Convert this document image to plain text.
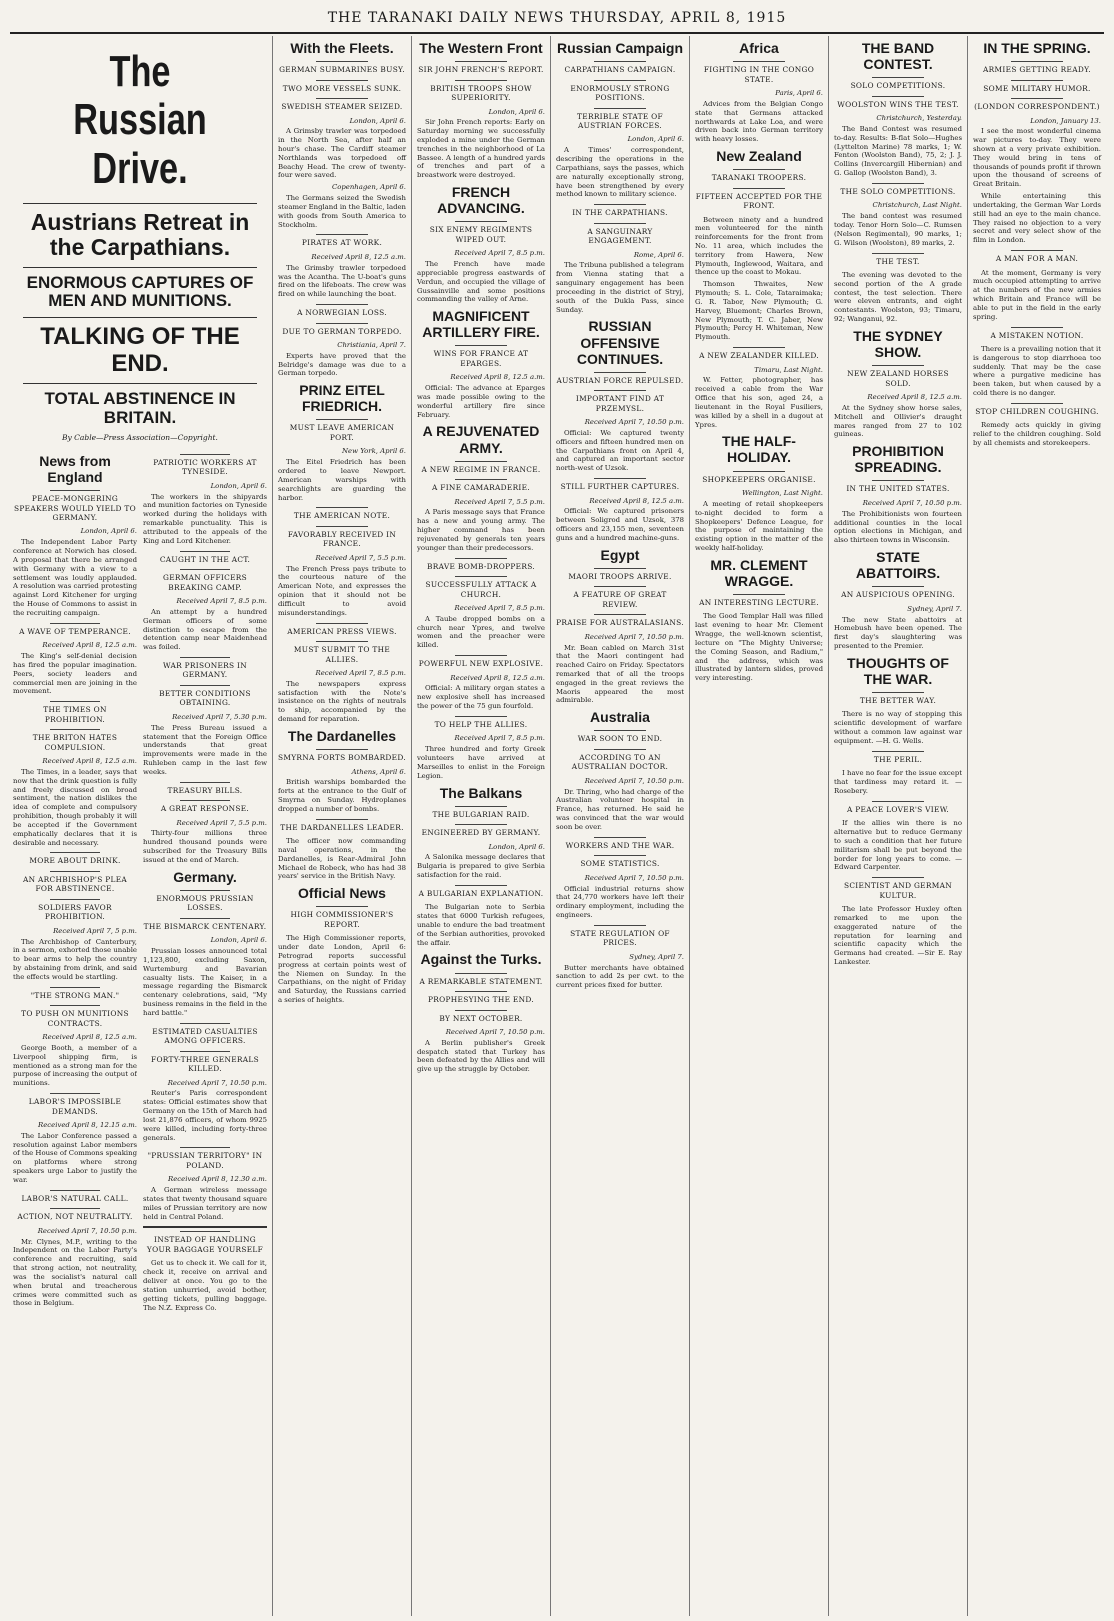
THE TARANAKI DAILY NEWS THURSDAY, APRIL 8, 1915
The Russian Drive.
Austrians Retreat in the Carpathians.
ENORMOUS CAPTURES OF MEN AND MUNITIONS.
TALKING OF THE END.
TOTAL ABSTINENCE IN BRITAIN.
By Cable—Press Association—Copyright.
News from England
PEACE-MONGERING SPEAKERS WOULD YIELD TO GERMANY.
London, April 6.

The Independent Labor Party conference at Norwich has closed. A proposal that there be arranged with Germany with a view to a settlement was loudly applauded. A resolution was carried protesting against Lord Kitchener for urging the House of Commons to assist in the recruiting campaign.

A WAVE OF TEMPERANCE.
Received April 8, 12.5 a.m.

The King's self-denial decision has fired the popular imagination. Peers, society leaders and commercial men are joining in the movement.

THE TIMES ON PROHIBITION.
THE BRITON HATES COMPULSION.
Received April 8, 12.5 a.m.

The Times, in a leader, says that now that the drink question is fully and freely discussed on broad sentiment, the nation dislikes the idea of complete and compulsory prohibition, though probably it will be accepted if the Government emphatically declares that it is desirable and necessary.

MORE ABOUT DRINK.
AN ARCHBISHOP'S PLEA FOR ABSTINENCE.
SOLDIERS FAVOR PROHIBITION.
Received April 7, 5 p.m.

The Archbishop of Canterbury, in a sermon, exhorted those unable to bear arms to help the country by abstaining from drink, and said the effects would be startling.

"THE STRONG MAN."
TO PUSH ON MUNITIONS CONTRACTS.
Received April 8, 12.5 a.m.

George Booth, a member of a Liverpool shipping firm, is mentioned as a strong man for the purpose of increasing the output of munitions.

LABOR'S IMPOSSIBLE DEMANDS.
Received April 8, 12.15 a.m.

The Labor Conference passed a resolution against Labor members of the House of Commons speaking on platforms where strong speakers urge Labor to justify the war.

LABOR'S NATURAL CALL.
ACTION, NOT NEUTRALITY.
Received April 7, 10.50 p.m.

Mr. Clynes, M.P., writing to the Independent on the Labor Party's conference and recruiting, said that strong action, not neutrality, was the socialist's natural call when brutal and treacherous crimes were committed such as those in Belgium.

PATRIOTIC WORKERS AT TYNESIDE.
London, April 6.

The workers in the shipyards and munition factories on Tyneside worked during the holidays with remarkable punctuality. This is attributed to the appeals of the King and Lord Kitchener.

CAUGHT IN THE ACT.
GERMAN OFFICERS BREAKING CAMP.
Received April 7, 8.5 p.m.

An attempt by a hundred German officers of some distinction to escape from the detention camp near Maidenhead was foiled.

WAR PRISONERS IN GERMANY.
BETTER CONDITIONS OBTAINING.
Received April 7, 5.30 p.m.

The Press Bureau issued a statement that the Foreign Office understands that great improvements were made in the Ruhleben camp in the last few weeks.

TREASURY BILLS.
A GREAT RESPONSE.
Received April 7, 5.5 p.m.

Thirty-four millions three hundred thousand pounds were subscribed for the Treasury Bills issued at the end of March.

Germany.
ENORMOUS PRUSSIAN LOSSES.
THE BISMARCK CENTENARY.
London, April 6.

Prussian losses announced total 1,123,800, excluding Saxon, Wurtemburg and Bavarian casualty lists. The Kaiser, in a message regarding the Bismarck centenary celebrations, said, "My business remains in the field in the hard battle."

ESTIMATED CASUALTIES AMONG OFFICERS.
FORTY-THREE GENERALS KILLED.
Received April 7, 10.50 p.m.

Reuter's Paris correspondent states: Official estimates show that Germany on the 15th of March had lost 21,876 officers, of whom 9925 were killed, including forty-three generals.

"PRUSSIAN TERRITORY" IN POLAND.
Received April 8, 12.30 a.m.

A German wireless message states that twenty thousand square miles of Prussian territory are now held in Central Poland.

INSTEAD OF HANDLING YOUR BAGGAGE YOURSELF

Get us to check it. We call for it, check it, receive on arrival and deliver at once. You go to the station unhurried, avoid bother, getting tickets, pulling baggage. The N.Z. Express Co.

With the Fleets.
GERMAN SUBMARINES BUSY.
TWO MORE VESSELS SUNK.
SWEDISH STEAMER SEIZED.
London, April 6.

A Grimsby trawler was torpedoed in the North Sea, after half an hour's chase. The Cardiff steamer Northlands was torpedoed off Beachy Head. The crew of twenty-four were saved.

Copenhagen, April 6.

The Germans seized the Swedish steamer England in the Baltic, laden with goods from South America to Stockholm.

PIRATES AT WORK.
Received April 8, 12.5 a.m.

The Grimsby trawler torpedoed was the Acantha. The U-boat's guns fired on the lifeboats. The crew was fired on while launching the boat.

A NORWEGIAN LOSS.
DUE TO GERMAN TORPEDO.
Christiania, April 7.

Experts have proved that the Belridge's damage was due to a German torpedo.

PRINZ EITEL FRIEDRICH.
MUST LEAVE AMERICAN PORT.
New York, April 6.

The Eitel Friedrich has been ordered to leave Newport. American warships with searchlights are guarding the harbor.

THE AMERICAN NOTE.
FAVORABLY RECEIVED IN FRANCE.
Received April 7, 5.5 p.m.

The French Press pays tribute to the courteous nature of the American Note, and expresses the opinion that it should not be difficult to avoid misunderstandings.

AMERICAN PRESS VIEWS.
MUST SUBMIT TO THE ALLIES.
Received April 7, 8.5 p.m.

The newspapers express satisfaction with the Note's insistence on the rights of neutrals to ship, accompanied by the demand for reparation.

The Dardanelles
SMYRNA FORTS BOMBARDED.
Athens, April 6.

British warships bombarded the forts at the entrance to the Gulf of Smyrna on Sunday. Hydroplanes dropped a number of bombs.

THE DARDANELLES LEADER.

The officer now commanding naval operations, in the Dardanelles, is Rear-Admiral John Michael de Robeck, who has had 38 years' service in the British Navy.

Official News
HIGH COMMISSIONER'S REPORT.

The High Commissioner reports, under date London, April 6: Petrograd reports successful progress at certain points west of the Niemen on Sunday. In the Carpathians, on the night of Friday and Saturday, the Russians carried a series of heights.

The Western Front
SIR JOHN FRENCH'S REPORT.
BRITISH TROOPS SHOW SUPERIORITY.
London, April 6.

Sir John French reports: Early on Saturday morning we successfully exploded a mine under the German trenches in the neighborhood of La Bassee. A length of a hundred yards of trenches and part of a breastwork were destroyed.

FRENCH ADVANCING.
SIX ENEMY REGIMENTS WIPED OUT.
Received April 7, 8.5 p.m.

The French have made appreciable progress eastwards of Verdun, and occupied the village of Gussainville and some positions commanding the valley of Arne.

MAGNIFICENT ARTILLERY FIRE.
WINS FOR FRANCE AT EPARGES.
Received April 8, 12.5 a.m.

Official: The advance at Eparges was made possible owing to the wonderful artillery fire since February.

A REJUVENATED ARMY.
A NEW REGIME IN FRANCE.
A FINE CAMARADERIE.
Received April 7, 5.5 p.m.

A Paris message says that France has a new and young army. The higher command has been rejuvenated by generals ten years younger than their predecessors.

BRAVE BOMB-DROPPERS.
SUCCESSFULLY ATTACK A CHURCH.
Received April 7, 8.5 p.m.

A Taube dropped bombs on a church near Ypres, and twelve women and the preacher were killed.

POWERFUL NEW EXPLOSIVE.
Received April 8, 12.5 a.m.

Official: A military organ states a new explosive shell has increased the power of the 75 gun fourfold.

TO HELP THE ALLIES.
Received April 7, 8.5 p.m.

Three hundred and forty Greek volunteers have arrived at Marseilles to enlist in the Foreign Legion.

The Balkans
THE BULGARIAN RAID.
ENGINEERED BY GERMANY.
London, April 6.

A Salonika message declares that Bulgaria is prepared to give Serbia satisfaction for the raid.

A BULGARIAN EXPLANATION.

The Bulgarian note to Serbia states that 6000 Turkish refugees, unable to endure the bad treatment of the Serbian authorities, provoked the affair.

Against the Turks.
A REMARKABLE STATEMENT.
PROPHESYING THE END.
BY NEXT OCTOBER.
Received April 7, 10.50 p.m.

A Berlin publisher's Greek despatch stated that Turkey has been defeated by the Allies and will give up the struggle by October.

Russian Campaign
CARPATHIANS CAMPAIGN.
ENORMOUSLY STRONG POSITIONS.
TERRIBLE STATE OF AUSTRIAN FORCES.
London, April 6.

A Times' correspondent, describing the operations in the Carpathians, says the passes, which are naturally exceptionally strong, have been strengthened by every method known to military science.

IN THE CARPATHIANS.
A SANGUINARY ENGAGEMENT.
Rome, April 6.

The Tribuna published a telegram from Vienna stating that a sanguinary engagement has been proceeding in the district of Stryj, south of the Dukla Pass, since Sunday.

RUSSIAN OFFENSIVE CONTINUES.
AUSTRIAN FORCE REPULSED.
IMPORTANT FIND AT PRZEMYSL.
Received April 7, 10.50 p.m.

Official: We captured twenty officers and fifteen hundred men on the Carpathians front on April 4, and captured an important sector north-west of Uzsok.

STILL FURTHER CAPTURES.
Received April 8, 12.5 a.m.

Official: We captured prisoners between Soligrod and Uzsok, 378 officers and 23,155 men, seventeen guns and a hundred machine-guns.

Egypt
MAORI TROOPS ARRIVE.
A FEATURE OF GREAT REVIEW.
PRAISE FOR AUSTRALASIANS.
Received April 7, 10.50 p.m.

Mr. Bean cabled on March 31st that the Maori contingent had reached Cairo on Friday. Spectators remarked that of all the troops engaged in the great reviews the Maoris appeared the most admirable.

Australia
WAR SOON TO END.
ACCORDING TO AN AUSTRALIAN DOCTOR.
Received April 7, 10.50 p.m.

Dr. Thring, who had charge of the Australian volunteer hospital in France, has returned. He said he was convinced that the war would soon be over.

WORKERS AND THE WAR.
SOME STATISTICS.
Received April 7, 10.50 p.m.

Official industrial returns show that 24,770 workers have left their ordinary employment, including the engineers.

STATE REGULATION OF PRICES.
Sydney, April 7.

Butter merchants have obtained sanction to add 2s per cwt. to the current prices fixed for butter.

Africa
FIGHTING IN THE CONGO STATE.
Paris, April 6.

Advices from the Belgian Congo state that Germans attacked northwards at Lake Loa, and were driven back into German territory with heavy losses.

New Zealand
TARANAKI TROOPERS.
FIFTEEN ACCEPTED FOR THE FRONT.

Between ninety and a hundred men volunteered for the ninth reinforcements for the front from No. 11 area, which includes the territory from Hawera, New Plymouth, Inglewood, Waitara, and thence up the coast to Mokau.

Thomson Thwaites, New Plymouth; S. L. Cole, Tataraimaka; G. R. Tabor, New Plymouth; G. Harvey, Bluemont; Charles Brown, New Plymouth; T. C. Jaber, New Plymouth; Percy H. Whiteman, New Plymouth.

A NEW ZEALANDER KILLED.
Timaru, Last Night.

W. Fetter, photographer, has received a cable from the War Office that his son, aged 24, a lieutenant in the Royal Fusiliers, was killed by a shell in a dugout at Ypres.

THE HALF-HOLIDAY.
SHOPKEEPERS ORGANISE.
Wellington, Last Night.

A meeting of retail shopkeepers to-night decided to form a Shopkeepers' Defence League, for the purpose of maintaining the existing option in the matter of the weekly half-holiday.

MR. CLEMENT WRAGGE.
AN INTERESTING LECTURE.

The Good Templar Hall was filled last evening to hear Mr. Clement Wragge, the well-known scientist, lecture on "The Mighty Universe; the Coming Season, and Radium," and the address, which was illustrated by lantern slides, proved very interesting.

THE BAND CONTEST.
SOLO COMPETITIONS.
WOOLSTON WINS THE TEST.
Christchurch, Yesterday.

The Band Contest was resumed to-day. Results: B-flat Solo—Hughes (Lyttelton Marine) 78 marks, 1; W. Fenton (Woolston Band), 75, 2; J. J. Collins (Invercargill Hibernian) and G. Gallop (Woolston Band), 3.

THE SOLO COMPETITIONS.
Christchurch, Last Night.

The band contest was resumed today. Tenor Horn Solo—C. Rumsen (Nelson Regimental), 90 marks, 1; G. Wilson (Woolston), 89 marks, 2.

THE TEST.

The evening was devoted to the second portion of the A grade contest, the test selection. There were eleven entrants, and eight contestants. Woolston, 93; Timaru, 92; Wanganui, 92.

THE SYDNEY SHOW.
NEW ZEALAND HORSES SOLD.
Received April 8, 12.5 a.m.

At the Sydney show horse sales, Mitchell and Ollivier's draught mares ranged from 27 to 102 guineas.

PROHIBITION SPREADING.
IN THE UNITED STATES.
Received April 7, 10.50 p.m.

The Prohibitionists won fourteen additional counties in the local option elections in Michigan, and also thirteen towns in Wisconsin.

STATE ABATTOIRS.
AN AUSPICIOUS OPENING.
Sydney, April 7.

The new State abattoirs at Homebush have been opened. The first day's slaughtering was presented to the Premier.

THOUGHTS OF THE WAR.
THE BETTER WAY.

There is no way of stopping this scientific development of warfare without a common law against war equipment. —H. G. Wells.

THE PERIL.

I have no fear for the issue except that tardiness may retard it. —Rosebery.

A PEACE LOVER'S VIEW.

If the allies win there is no alternative but to reduce Germany to such a condition that her future militarism shall be put beyond the border for long years to come. —Edward Carpenter.

SCIENTIST AND GERMAN KULTUR.

The late Professor Huxley often remarked to me upon the exaggerated nature of the reputation for learning and scientific capacity which the Germans had created. —Sir E. Ray Lankester.

IN THE SPRING.
ARMIES GETTING READY.
SOME MILITARY HUMOR.
(LONDON CORRESPONDENT.)
London, January 13.

I see the most wonderful cinema war pictures to-day. They were shown at a very private exhibition. They would bring in tens of thousands of pounds profit if thrown upon the thousand of screens of Great Britain.

While entertaining this undertaking, the German War Lords still had an eye to the main chance. They raised no objection to a very secret and very select show of the film in London.

A MAN FOR A MAN.

At the moment, Germany is very much occupied attempting to arrive at the numbers of the new armies which Britain and France will be able to put in the field in the early spring.

A MISTAKEN NOTION.

There is a prevailing notion that it is dangerous to stop diarrhoea too suddenly. That may be the case where a purgative medicine has been taken, but when caused by a cold there is no danger.

STOP CHILDREN COUGHING.

Remedy acts quickly in giving relief to the children coughing. Sold by all chemists and storekeepers.
